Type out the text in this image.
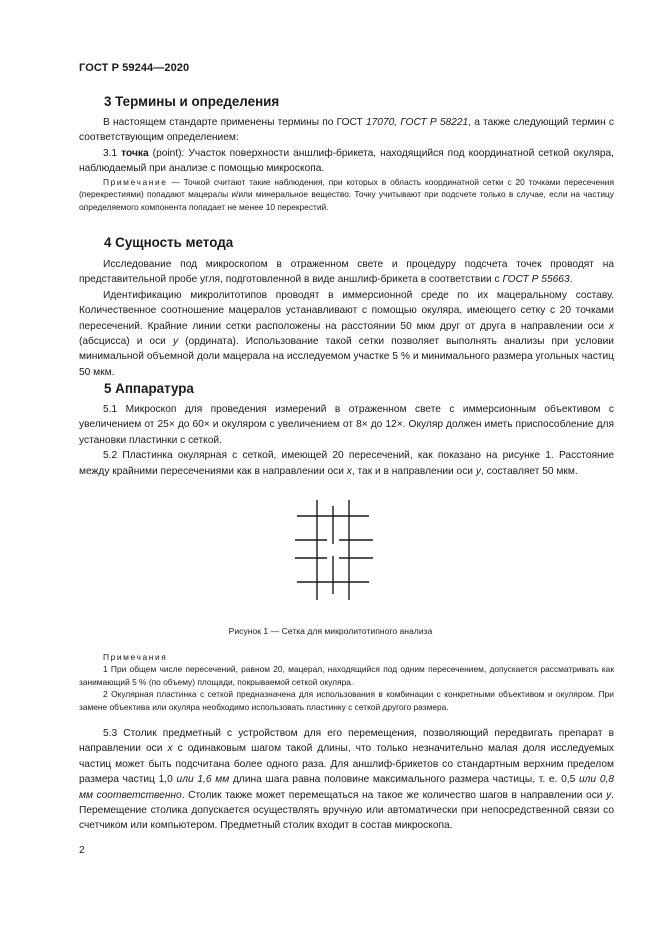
ГОСТ Р 59244—2020
3 Термины и определения
В настоящем стандарте применены термины по ГОСТ 17070, ГОСТ Р 58221, а также следующий термин с соответствующим определением:
3.1 точка (point): Участок поверхности аншлиф-брикета, находящийся под координатной сеткой окуляра, наблюдаемый при анализе с помощью микроскопа.
Примечание — Точкой считают такие наблюдения, при которых в область координатной сетки с 20 точками пересечения (перекрестиями) попадают мацералы и/или минеральное вещество. Точку учитывают при подсчете только в случае, если на частицу определяемого компонента попадает не менее 10 перекрестий.
4 Сущность метода
Исследование под микроскопом в отраженном свете и процедуру подсчета точек проводят на представительной пробе угля, подготовленной в виде аншлиф-брикета в соответствии с ГОСТ Р 55663.
Идентификацию микролитотипов проводят в иммерсионной среде по их мацеральному составу. Количественное соотношение мацералов устанавливают с помощью окуляра, имеющего сетку с 20 точками пересечений. Крайние линии сетки расположены на расстоянии 50 мкм друг от друга в направлении оси x (абсцисса) и оси y (ордината). Использование такой сетки позволяет выполнять анализы при условии минимальной объемной доли мацерала на исследуемом участке 5 % и минимального размера угольных частиц 50 мкм.
5 Аппаратура
5.1 Микроскоп для проведения измерений в отраженном свете с иммерсионным объективом с увеличением от 25× до 60× и окуляром с увеличением от 8× до 12×. Окуляр должен иметь приспособление для установки пластинки с сеткой.
5.2 Пластинка окулярная с сеткой, имеющей 20 пересечений, как показано на рисунке 1. Расстояние между крайними пересечениями как в направлении оси x, так и в направлении оси y, составляет 50 мкм.
Рисунок 1 — Сетка для микролитотипного анализа
Примечания
1 При общем числе пересечений, равном 20, мацерал, находящийся под одним пересечением, допускается рассматривать как занимающий 5 % (по объему) площади, покрываемой сеткой окуляра.
2 Окулярная пластинка с сеткой предназначена для использования в комбинации с конкретными объективом и окуляром. При замене объектива или окуляра необходимо использовать пластинку с сеткой другого размера.
5.3 Столик предметный с устройством для его перемещения, позволяющий передвигать препарат в направлении оси x с одинаковым шагом такой длины, что только незначительно малая доля исследуемых частиц может быть подсчитана более одного раза. Для аншлиф-брикетов со стандартным верхним пределом размера частиц 1,0 или 1,6 мм длина шага равна половине максимального размера частицы, т. е. 0,5 или 0,8 мм соответственно. Столик также может перемещаться на такое же количество шагов в направлении оси y. Перемещение столика допускается осуществлять вручную или автоматически при непосредственной связи со счетчиком или компьютером. Предметный столик входит в состав микроскопа.
2
